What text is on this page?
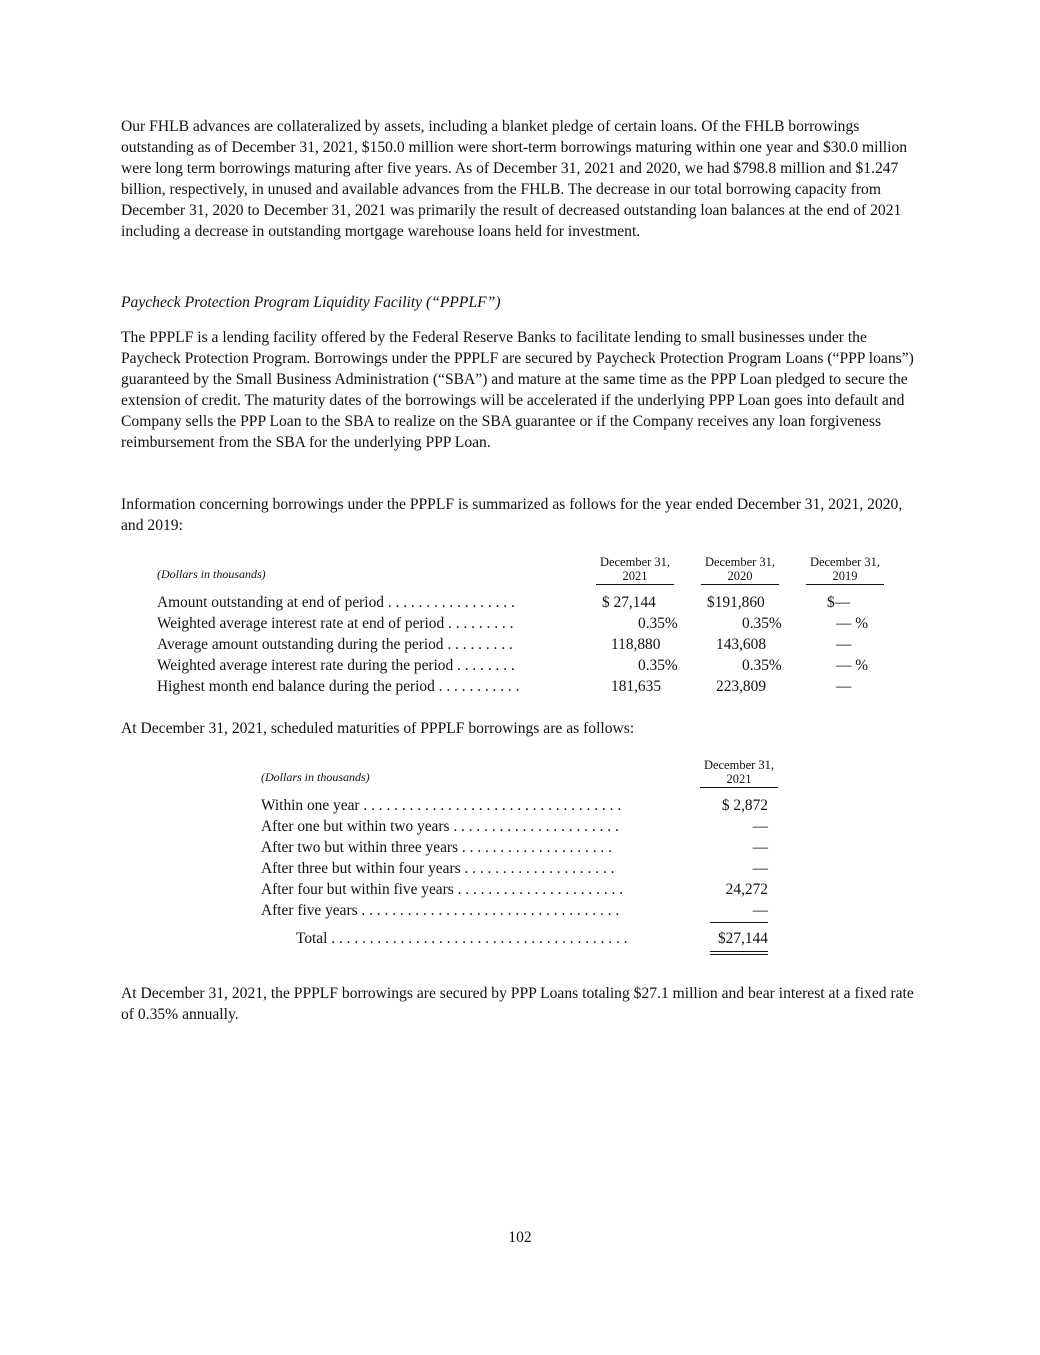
Our FHLB advances are collateralized by assets, including a blanket pledge of certain loans. Of the FHLB borrowings outstanding as of December 31, 2021, $150.0 million were short-term borrowings maturing within one year and $30.0 million were long term borrowings maturing after five years. As of December 31, 2021 and 2020, we had $798.8 million and $1.247 billion, respectively, in unused and available advances from the FHLB. The decrease in our total borrowing capacity from December 31, 2020 to December 31, 2021 was primarily the result of decreased outstanding loan balances at the end of 2021 including a decrease in outstanding mortgage warehouse loans held for investment.

Paycheck Protection Program Liquidity Facility (“PPPLF”)

The PPPLF is a lending facility offered by the Federal Reserve Banks to facilitate lending to small businesses under the Paycheck Protection Program. Borrowings under the PPPLF are secured by Paycheck Protection Program Loans (“PPP loans”) guaranteed by the Small Business Administration (“SBA”) and mature at the same time as the PPP Loan pledged to secure the extension of credit. The maturity dates of the borrowings will be accelerated if the underlying PPP Loan goes into default and Company sells the PPP Loan to the SBA to realize on the SBA guarantee or if the Company receives any loan forgiveness reimbursement from the SBA for the underlying PPP Loan.

Information concerning borrowings under the PPPLF is summarized as follows for the year ended December 31, 2021, 2020, and 2019:

(Dollars in thousands)
December 31,
2021
December 31,
2020
December 31,
2019
Amount outstanding at end of period . . . . . . . . . . . . . . . . .	$ 27,144	$191,860	$—
Weighted average interest rate at end of period . . . . . . . . .	0.35%	0.35%	— %
Average amount outstanding during the period . . . . . . . . .	118,880	143,608	—
Weighted average interest rate during the period . . . . . . . .	0.35%	0.35%	— %
Highest month end balance during the period . . . . . . . . . . .	181,635	223,809	—

At December 31, 2021, scheduled maturities of PPPLF borrowings are as follows:

(Dollars in thousands)
December 31,
2021
Within one year . . . . . . . . . . . . . . . . . . . . . . . . . . . . . . . . . .	$ 2,872
After one but within two years . . . . . . . . . . . . . . . . . . . . . .	—
After two but within three years . . . . . . . . . . . . . . . . . . . .	—
After three but within four years . . . . . . . . . . . . . . . . . . . .	—
After four but within five years . . . . . . . . . . . . . . . . . . . . . .	24,272
After five years . . . . . . . . . . . . . . . . . . . . . . . . . . . . . . . . . .	—
Total . . . . . . . . . . . . . . . . . . . . . . . . . . . . . . . . . . . . . . .	$27,144

At December 31, 2021, the PPPLF borrowings are secured by PPP Loans totaling $27.1 million and bear interest at a fixed rate of 0.35% annually.

102
